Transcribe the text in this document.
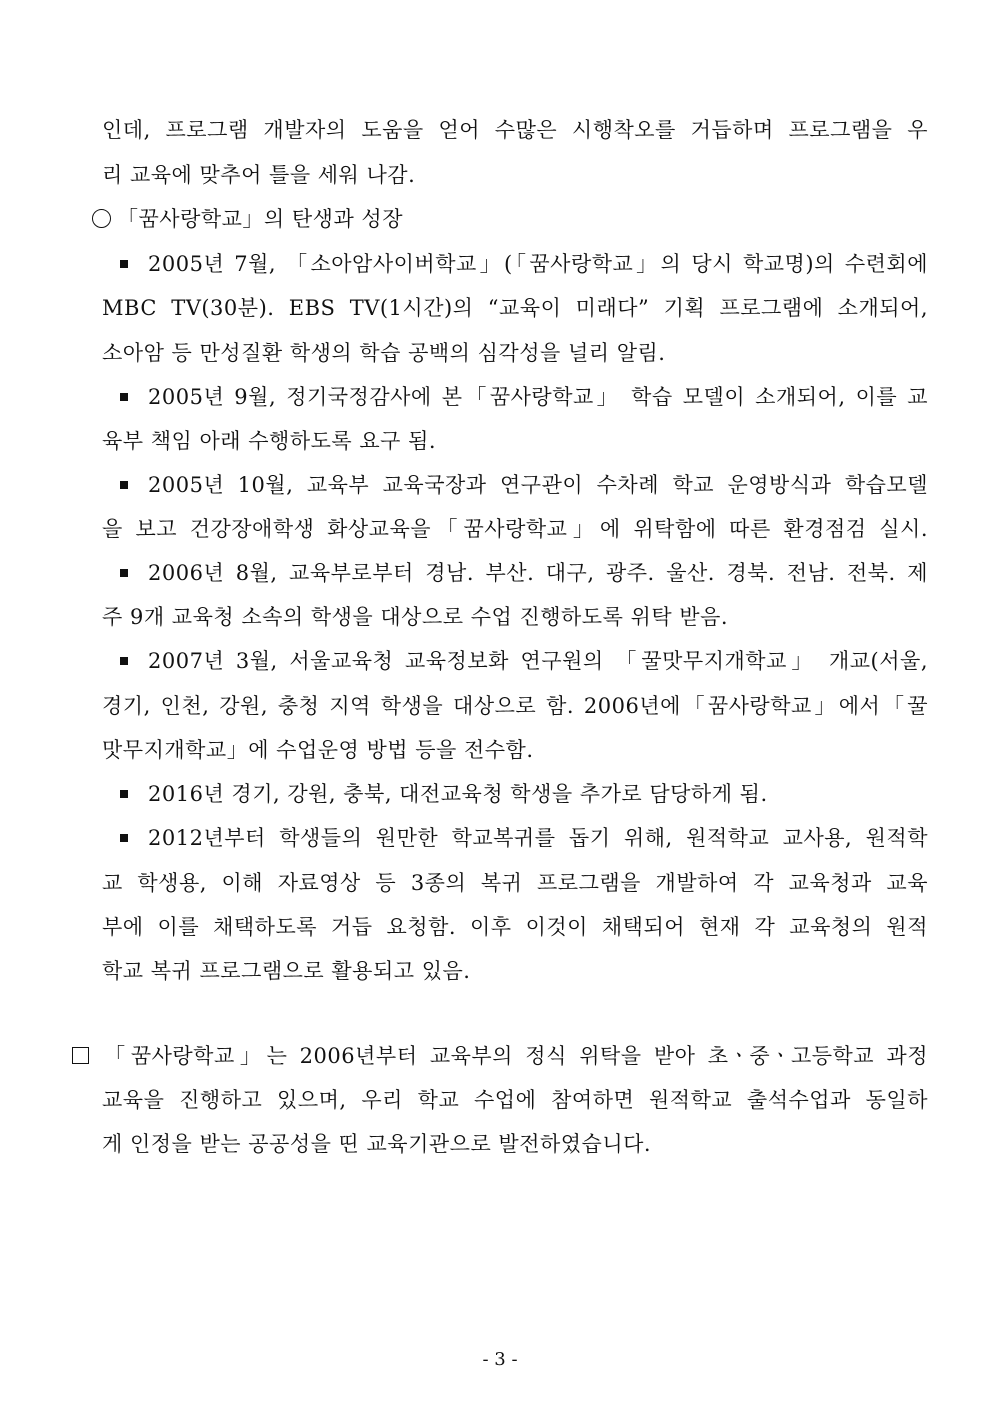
인데, 프로그램 개발자의 도움을 얻어 수많은 시행착오를 거듭하며 프로그램을 우
리 교육에 맞추어 틀을 세워 나감.
「꿈사랑학교」의 탄생과 성장
2005년 7월, 「소아암사이버학교」(「꿈사랑학교」의 당시 학교명)의 수련회에
MBC TV(30분). EBS TV(1시간)의 “교육이 미래다” 기획 프로그램에 소개되어,
소아암 등 만성질환 학생의 학습 공백의 심각성을 널리 알림.
2005년 9월, 정기국정감사에 본「꿈사랑학교」 학습 모델이 소개되어, 이를 교
육부 책임 아래 수행하도록 요구 됨.
2005년 10월, 교육부 교육국장과 연구관이 수차례 학교 운영방식과 학습모델
을 보고 건강장애학생 화상교육을「꿈사랑학교」에 위탁함에 따른 환경점검 실시.
2006년 8월, 교육부로부터 경남. 부산. 대구, 광주. 울산. 경북. 전남. 전북. 제
주 9개 교육청 소속의 학생을 대상으로 수업 진행하도록 위탁 받음.
2007년 3월, 서울교육청 교육정보화 연구원의 「꿀맛무지개학교」 개교(서울,
경기, 인천, 강원, 충청 지역 학생을 대상으로 함. 2006년에「꿈사랑학교」에서「꿀
맛무지개학교」에 수업운영 방법 등을 전수함.
2016년 경기, 강원, 충북, 대전교육청 학생을 추가로 담당하게 됨.
2012년부터 학생들의 원만한 학교복귀를 돕기 위해, 원적학교 교사용, 원적학
교 학생용, 이해 자료영상 등 3종의 복귀 프로그램을 개발하여 각 교육청과 교육
부에 이를 채택하도록 거듭 요청함. 이후 이것이 채택되어 현재 각 교육청의 원적
학교 복귀 프로그램으로 활용되고 있음.
「꿈사랑학교」는 2006년부터 교육부의 정식 위탁을 받아 초ㆍ중ㆍ고등학교 과정
교육을 진행하고 있으며, 우리 학교 수업에 참여하면 원적학교 출석수업과 동일하
게 인정을 받는 공공성을 띤 교육기관으로 발전하였습니다.
- 3 -
